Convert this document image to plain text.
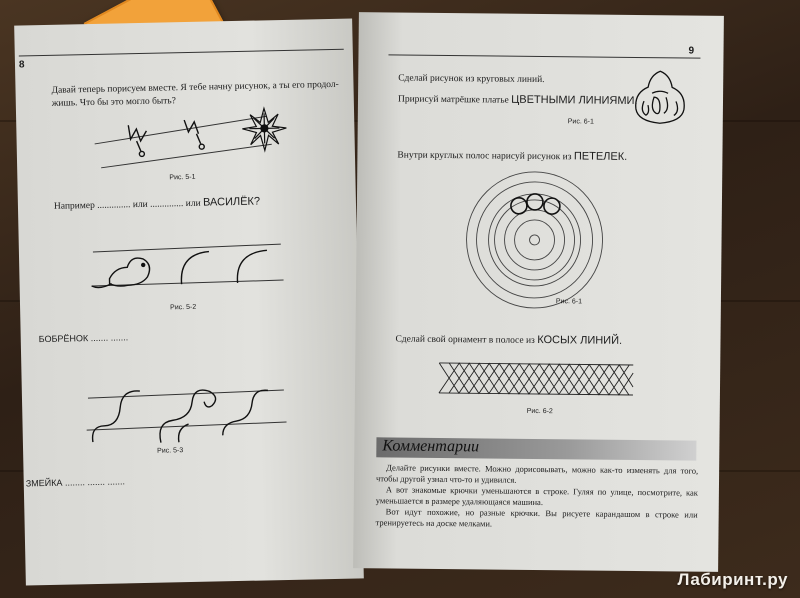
8
Давай теперь порисуем вместе. Я тебе начну рисунок, а ты его продол-
жишь. Что бы это могло быть?
Рис. 5-1
Например .............. или .............. или ВАСИЛЁК?
Рис. 5-2
БОБРЁНОК ....... .......
Рис. 5-3
ЗМЕЙКА ........ ....... .......
9
Сделай рисунок из круговых линий.
Пририсуй матрёшке платье ЦВЕТНЫМИ ЛИНИЯМИ.
Рис. 6-1
Внутри круглых полос нарисуй рисунок из ПЕТЕЛЕК.
Рис. 6-1
Сделай свой орнамент в полосе из КОСЫХ ЛИНИЙ.
Рис. 6-2
Комментарии

Делайте рисунки вместе. Можно дорисовывать, можно как-то изменять для того, чтобы другой узнал что-то и удивился.

А вот знакомые крючки уменьшаются в строке. Гуляя по улице, посмотрите, как уменьшается в размере удаляющаяся машина.

Вот идут похожие, но разные крючки. Вы рисуете карандашом в строке или тренируетесь на доске мелками.

Лабиринт.ру
